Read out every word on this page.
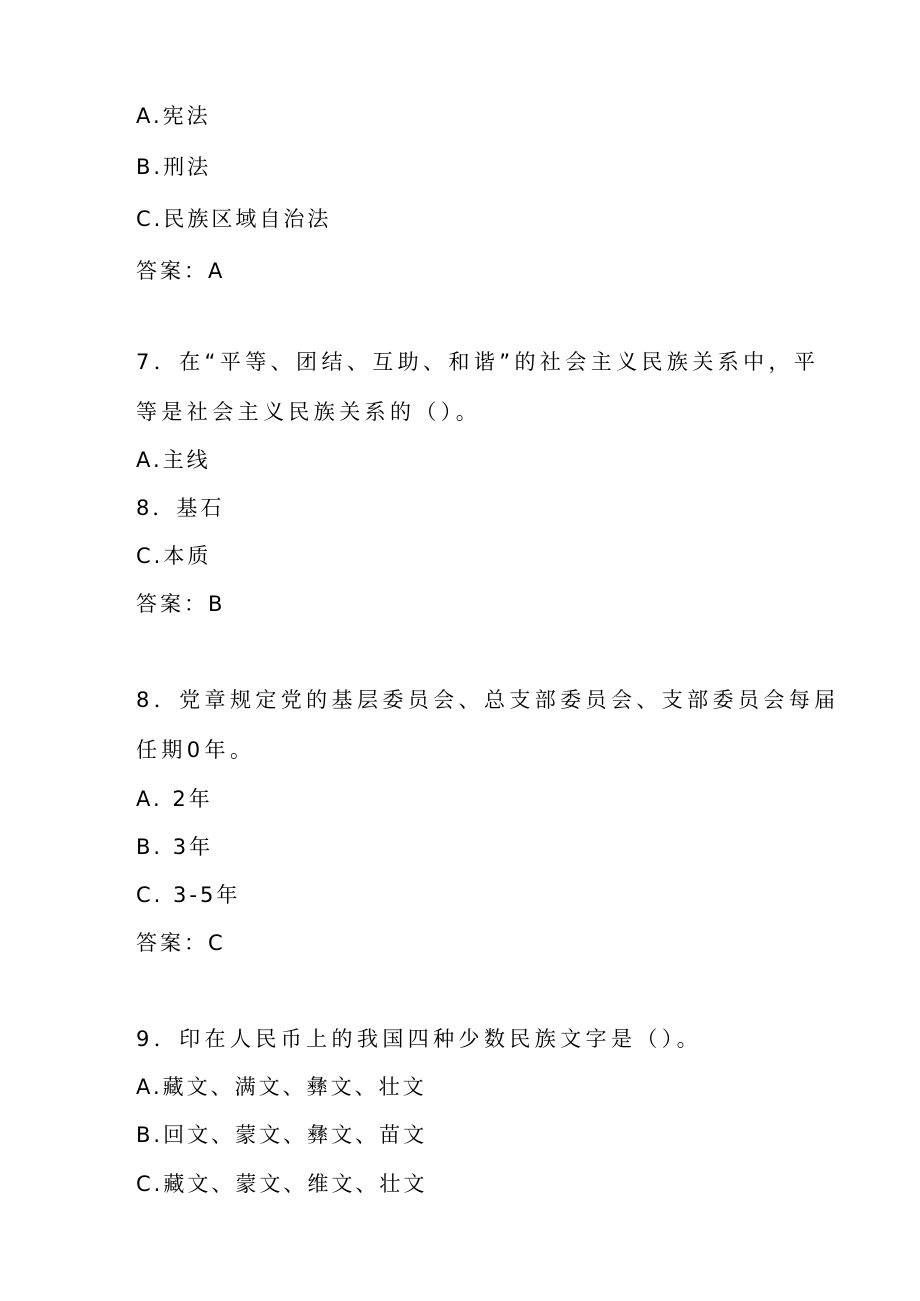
A.宪法
B.刑法
C.民族区域自治法
答案：A
7．在“平等、团结、互助、和谐”的社会主义民族关系中，平
等是社会主义民族关系的（）。
A.主线
8．基石
C.本质
答案：B
8．党章规定党的基层委员会、总支部委员会、支部委员会每届
任期0年。
A. 2年
B. 3年
C. 3-5年
答案：C
9．印在人民币上的我国四种少数民族文字是（）。
A.藏文、满文、彝文、壮文
B.回文、蒙文、彝文、苗文
C.藏文、蒙文、维文、壮文
